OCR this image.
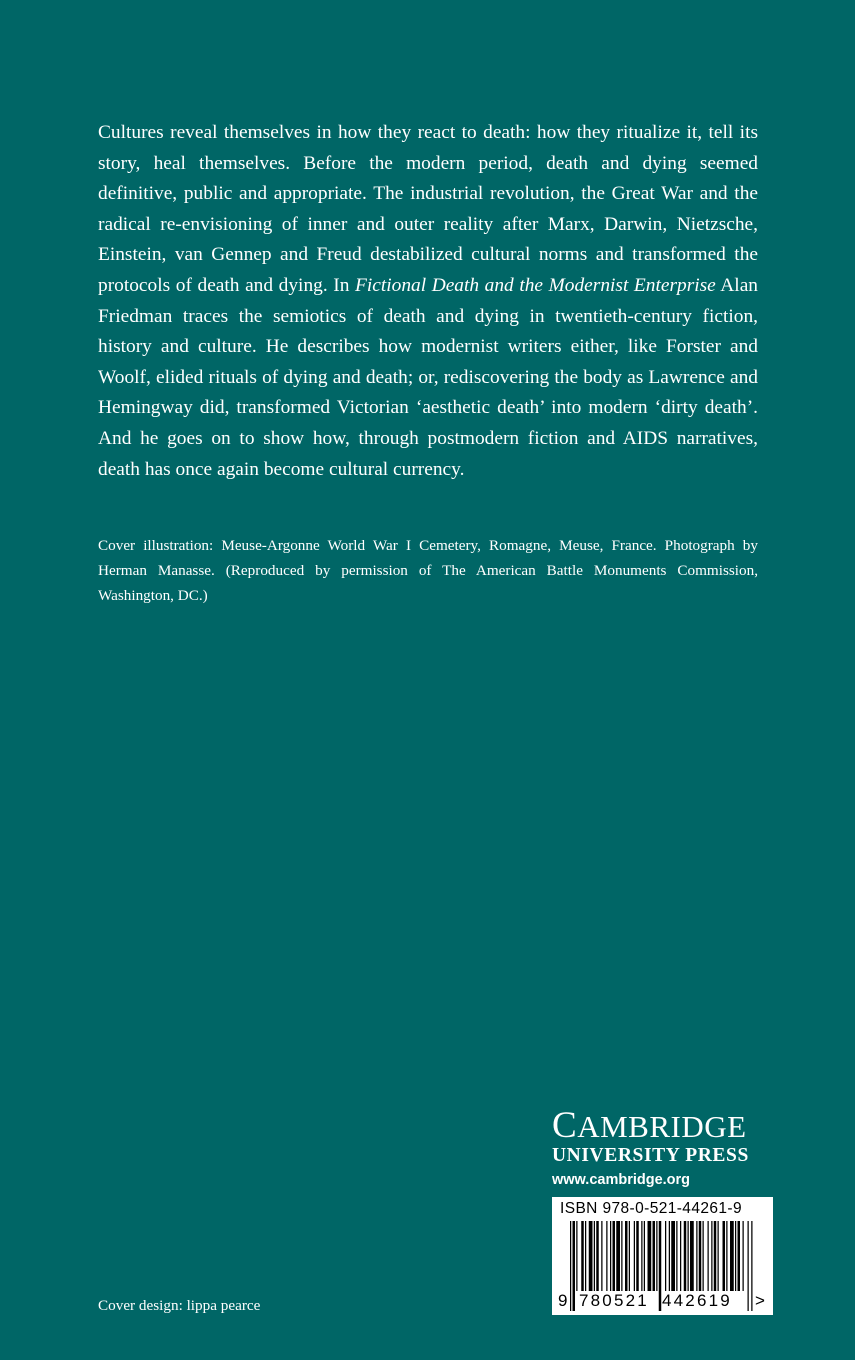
Cultures reveal themselves in how they react to death: how they ritualize it, tell its story, heal themselves. Before the modern period, death and dying seemed definitive, public and appropriate. The industrial revolution, the Great War and the radical re-envisioning of inner and outer reality after Marx, Darwin, Nietzsche, Einstein, van Gennep and Freud destabilized cultural norms and transformed the protocols of death and dying. In Fictional Death and the Modernist Enterprise Alan Friedman traces the semiotics of death and dying in twentieth-century fiction, history and culture. He describes how modernist writers either, like Forster and Woolf, elided rituals of dying and death; or, rediscovering the body as Lawrence and Hemingway did, transformed Victorian ‘aesthetic death’ into modern ‘dirty death’. And he goes on to show how, through postmodern fiction and AIDS narratives, death has once again become cultural currency.

Cover illustration: Meuse-Argonne World War I Cemetery, Romagne, Meuse, France. Photograph by Herman Manasse. (Reproduced by permission of The American Battle Monuments Commission, Washington, DC.)

Cover design: lippa pearce

CAMBRIDGE
UNIVERSITY PRESS
www.cambridge.org
ISBN 978-0-521-44261-9
9 780521 442619 >
